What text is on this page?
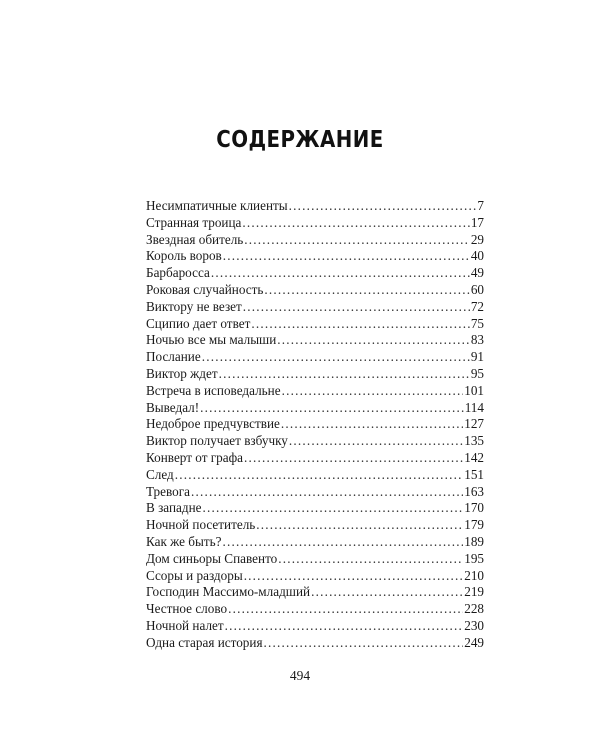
СОДЕРЖАНИЕ
Несимпатичные клиенты .....	7
Странная троица .....	17
Звездная обитель .....	29
Король воров .....	40
Барбаросса .....	49
Роковая случайность .....	60
Виктору не везет .....	72
Сципио дает ответ .....	75
Ночью все мы малыши .....	83
Послание .....	91
Виктор ждет .....	95
Встреча в исповедальне .....	101
Выведал! .....	114
Недоброе предчувствие .....	127
Виктор получает взбучку .....	135
Конверт от графа .....	142
След .....	151
Тревога .....	163
В западне .....	170
Ночной посетитель .....	179
Как же быть? .....	189
Дом синьоры Спавенто .....	195
Ссоры и раздоры .....	210
Господин Массимо-младший .....	219
Честное слово .....	228
Ночной налет .....	230
Одна старая история .....	249
494
